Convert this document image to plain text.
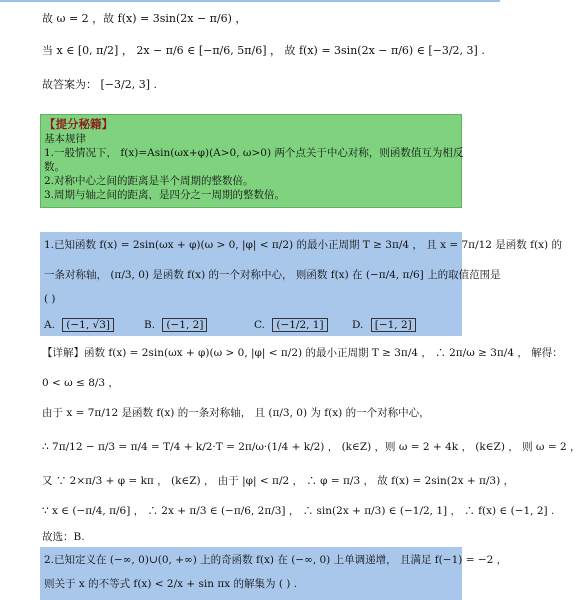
故 ω = 2 ，故 f(x) = 3sin(2x − π/6) ，
当 x ∈ [0, π/2] ， 2x − π/6 ∈ [−π/6, 5π/6] ， 故 f(x) = 3sin(2x − π/6) ∈ [−3/2, 3] .
故答案为： [−3/2, 3] .
【提分秘籍】
基本规律
1.一般情况下， f(x)=Asin(ωx+φ)(A>0, ω>0) 两个点关于中心对称，则函数值互为相反
数。
2.对称中心之间的距离是半个周期的整数倍。
3.周期与轴之间的距离，是四分之一周期的整数倍。
1.已知函数 f(x) = 2sin(ωx + φ)(ω > 0, |φ| < π/2) 的最小正周期 T ≥ 3π/4 ， 且 x = 7π/12 是函数 f(x) 的
一条对称轴， (π/3, 0) 是函数 f(x) 的一个对称中心， 则函数 f(x) 在 (−π/4, π/6] 上的取值范围是
( )
A. (−1, √3]	B. (−1, 2]	C. (−1/2, 1]	D. [−1, 2]
【详解】函数 f(x) = 2sin(ωx + φ)(ω > 0, |φ| < π/2) 的最小正周期 T ≥ 3π/4 ， ∴ 2π/ω ≥ 3π/4 ， 解得：
0 < ω ≤ 8/3 ，
由于 x = 7π/12 是函数 f(x) 的一条对称轴， 且 (π/3, 0) 为 f(x) 的一个对称中心，
∴ 7π/12 − π/3 = π/4 = T/4 + k/2·T = 2π/ω·(1/4 + k/2) ， (k∈Z) ，则 ω = 2 + 4k ， (k∈Z) ， 则 ω = 2 ，
又 ∵ 2×π/3 + φ = kπ ， (k∈Z) ， 由于 |φ| < π/2 ， ∴ φ = π/3 ， 故 f(x) = 2sin(2x + π/3) ，
∵ x ∈ (−π/4, π/6] ， ∴ 2x + π/3 ∈ (−π/6, 2π/3] ， ∴ sin(2x + π/3) ∈ (−1/2, 1] ， ∴ f(x) ∈ (−1, 2] .
故选：B.
2.已知定义在 (−∞, 0)∪(0, +∞) 上的奇函数 f(x) 在 (−∞, 0) 上单调递增， 且满足 f(−1) = −2 ，
则关于 x 的不等式 f(x) < 2/x + sin πx 的解集为 ( ) .
